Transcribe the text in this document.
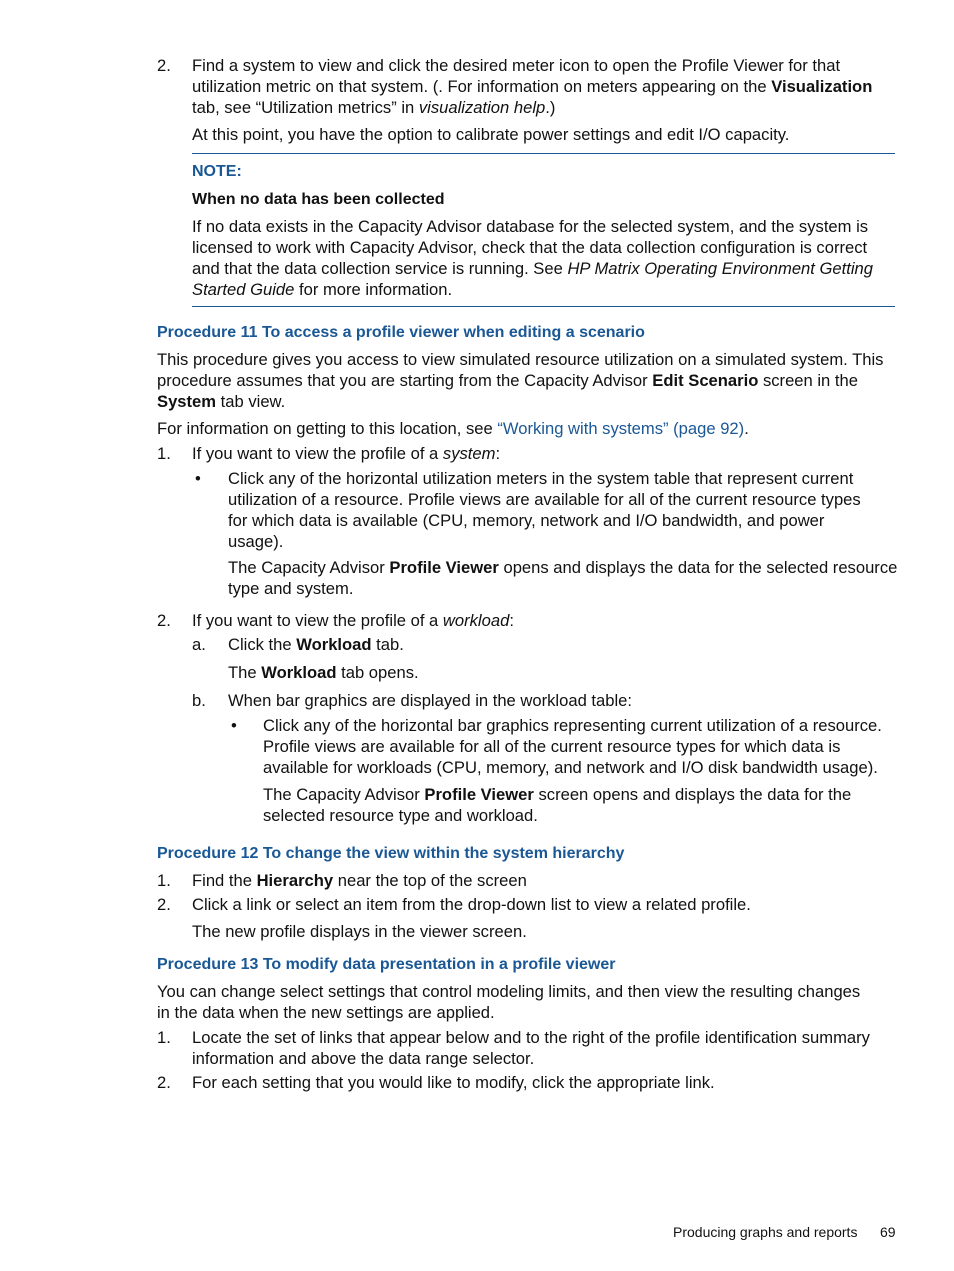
2. Find a system to view and click the desired meter icon to open the Profile Viewer for that
utilization metric on that system. (. For information on meters appearing on the Visualization
tab, see “Utilization metrics” in visualization help.)
At this point, you have the option to calibrate power settings and edit I/O capacity.
NOTE:
When no data has been collected
If no data exists in the Capacity Advisor database for the selected system, and the system is
licensed to work with Capacity Advisor, check that the data collection configuration is correct
and that the data collection service is running. See HP Matrix Operating Environment Getting
Started Guide for more information.
Procedure 11 To access a profile viewer when editing a scenario
This procedure gives you access to view simulated resource utilization on a simulated system. This
procedure assumes that you are starting from the Capacity Advisor Edit Scenario screen in the
System tab view.
For information on getting to this location, see “Working with systems” (page 92).
1. If you want to view the profile of a system:
• Click any of the horizontal utilization meters in the system table that represent current
utilization of a resource. Profile views are available for all of the current resource types
for which data is available (CPU, memory, network and I/O bandwidth, and power
usage).
The Capacity Advisor Profile Viewer opens and displays the data for the selected resource
type and system.
2. If you want to view the profile of a workload:
a. Click the Workload tab.
The Workload tab opens.
b. When bar graphics are displayed in the workload table:
• Click any of the horizontal bar graphics representing current utilization of a resource.
Profile views are available for all of the current resource types for which data is
available for workloads (CPU, memory, and network and I/O disk bandwidth usage).
The Capacity Advisor Profile Viewer screen opens and displays the data for the
selected resource type and workload.
Procedure 12 To change the view within the system hierarchy
1. Find the Hierarchy near the top of the screen
2. Click a link or select an item from the drop-down list to view a related profile.
The new profile displays in the viewer screen.
Procedure 13 To modify data presentation in a profile viewer
You can change select settings that control modeling limits, and then view the resulting changes
in the data when the new settings are applied.
1. Locate the set of links that appear below and to the right of the profile identification summary
information and above the data range selector.
2. For each setting that you would like to modify, click the appropriate link.
Producing graphs and reports 69
